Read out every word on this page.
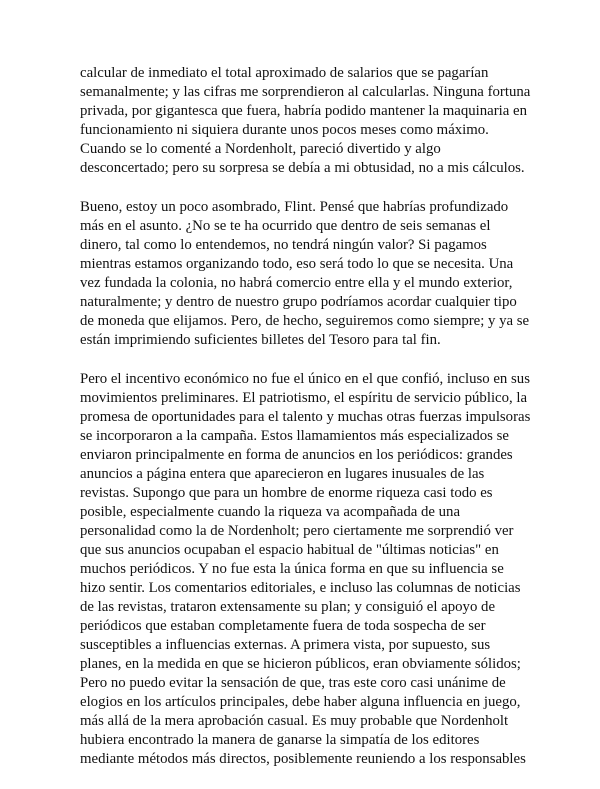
calcular de inmediato el total aproximado de salarios que se pagarían
semanalmente; y las cifras me sorprendieron al calcularlas. Ninguna fortuna
privada, por gigantesca que fuera, habría podido mantener la maquinaria en
funcionamiento ni siquiera durante unos pocos meses como máximo.
Cuando se lo comenté a Nordenholt, pareció divertido y algo
desconcertado; pero su sorpresa se debía a mi obtusidad, no a mis cálculos.

Bueno, estoy un poco asombrado, Flint. Pensé que habrías profundizado
más en el asunto. ¿No se te ha ocurrido que dentro de seis semanas el
dinero, tal como lo entendemos, no tendrá ningún valor? Si pagamos
mientras estamos organizando todo, eso será todo lo que se necesita. Una
vez fundada la colonia, no habrá comercio entre ella y el mundo exterior,
naturalmente; y dentro de nuestro grupo podríamos acordar cualquier tipo
de moneda que elijamos. Pero, de hecho, seguiremos como siempre; y ya se
están imprimiendo suficientes billetes del Tesoro para tal fin.

Pero el incentivo económico no fue el único en el que confió, incluso en sus
movimientos preliminares. El patriotismo, el espíritu de servicio público, la
promesa de oportunidades para el talento y muchas otras fuerzas impulsoras
se incorporaron a la campaña. Estos llamamientos más especializados se
enviaron principalmente en forma de anuncios en los periódicos: grandes
anuncios a página entera que aparecieron en lugares inusuales de las
revistas. Supongo que para un hombre de enorme riqueza casi todo es
posible, especialmente cuando la riqueza va acompañada de una
personalidad como la de Nordenholt; pero ciertamente me sorprendió ver
que sus anuncios ocupaban el espacio habitual de "últimas noticias" en
muchos periódicos. Y no fue esta la única forma en que su influencia se
hizo sentir. Los comentarios editoriales, e incluso las columnas de noticias
de las revistas, trataron extensamente su plan; y consiguió el apoyo de
periódicos que estaban completamente fuera de toda sospecha de ser
susceptibles a influencias externas. A primera vista, por supuesto, sus
planes, en la medida en que se hicieron públicos, eran obviamente sólidos;
Pero no puedo evitar la sensación de que, tras este coro casi unánime de
elogios en los artículos principales, debe haber alguna influencia en juego,
más allá de la mera aprobación casual. Es muy probable que Nordenholt
hubiera encontrado la manera de ganarse la simpatía de los editores
mediante métodos más directos, posiblemente reuniendo a los responsables
